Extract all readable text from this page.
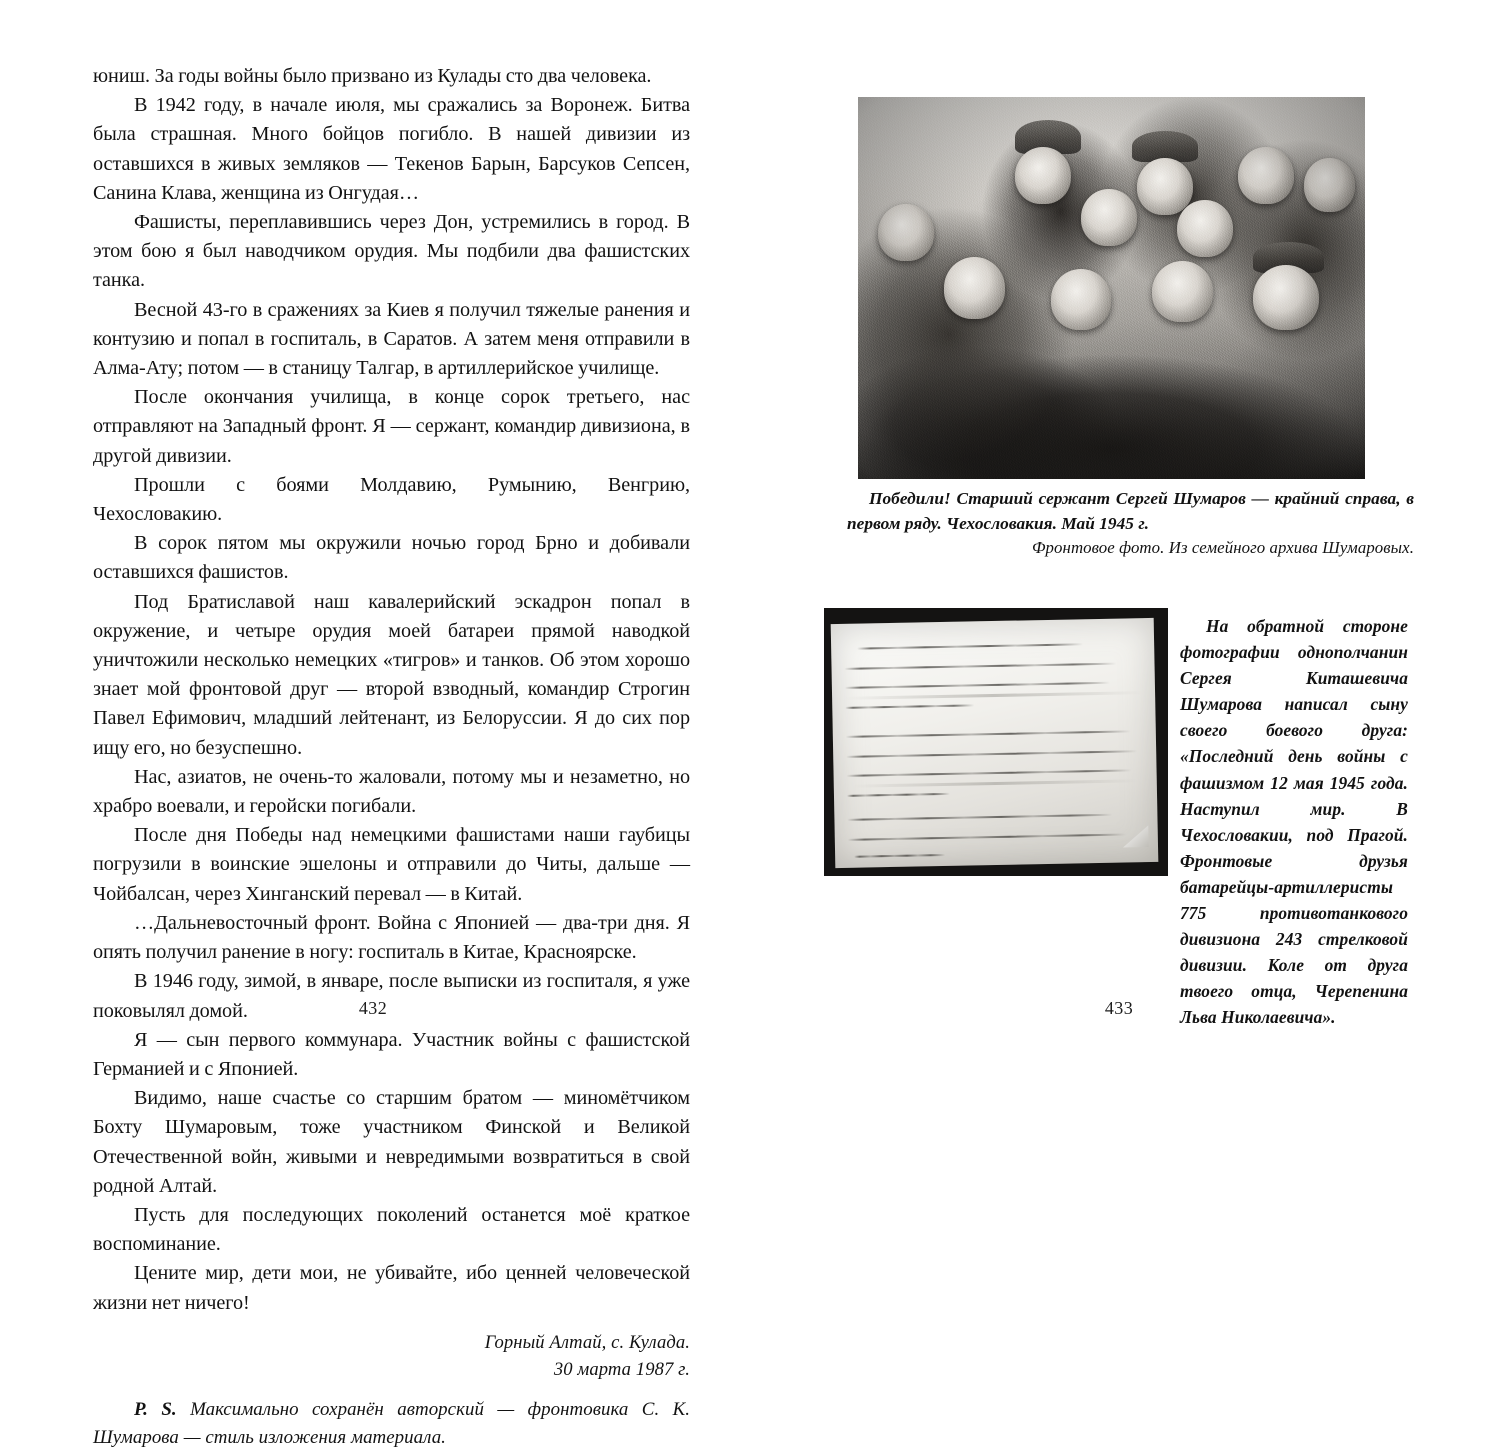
юниш. За годы войны было призвано из Кулады сто два человека.

В 1942 году, в начале июля, мы сражались за Воронеж. Битва была страшная. Много бойцов погибло. В нашей дивизии из оставшихся в живых земляков — Текенов Барын, Барсуков Сепсен, Санина Клава, женщина из Онгудая…

Фашисты, переплавившись через Дон, устремились в город. В этом бою я был наводчиком орудия. Мы подбили два фашистских танка.

Весной 43-го в сражениях за Киев я получил тяжелые ранения и контузию и попал в госпиталь, в Саратов. А затем меня отправили в Алма-Ату; потом — в станицу Талгар, в артиллерийское училище.

После окончания училища, в конце сорок третьего, нас отправляют на Западный фронт. Я — сержант, командир дивизиона, в другой дивизии.

Прошли с боями Молдавию, Румынию, Венгрию, Чехословакию.

В сорок пятом мы окружили ночью город Брно и добивали оставшихся фашистов.

Под Братиславой наш кавалерийский эскадрон попал в окружение, и четыре орудия моей батареи прямой наводкой уничтожили несколько немецких «тигров» и танков. Об этом хорошо знает мой фронтовой друг — второй взводный, командир Строгин Павел Ефимович, младший лейтенант, из Белоруссии. Я до сих пор ищу его, но безуспешно.

Нас, азиатов, не очень-то жаловали, потому мы и незаметно, но храбро воевали, и геройски погибали.

После дня Победы над немецкими фашистами наши гаубицы погрузили в воинские эшелоны и отправили до Читы, дальше — Чойбалсан, через Хинганский перевал — в Китай.

…Дальневосточный фронт. Война с Японией — два-три дня. Я опять получил ранение в ногу: госпиталь в Китае, Красноярске.

В 1946 году, зимой, в январе, после выписки из госпиталя, я уже поковылял домой.

Я — сын первого коммунара. Участник войны с фашистской Германией и с Японией.

Видимо, наше счастье со старшим братом — миномётчиком Бохту Шумаровым, тоже участником Финской и Великой Отечественной войн, живыми и невредимыми возвратиться в свой родной Алтай.

Пусть для последующих поколений останется моё краткое воспоминание.

Цените мир, дети мои, не убивайте, ибо ценней человеческой жизни нет ничего!

Горный Алтай, с. Кулада.
30 марта 1987 г.

P. S. Максимально сохранён авторский — фронтовика С. К. Шумарова — стиль изложения материала.

432

Победили! Старший сержант Сергей Шумаров — крайний справа, в первом ряду. Чехословакия. Май 1945 г.

Фронтовое фото. Из семейного архива Шумаровых.

На обратной стороне фотографии однополчанин Сергея Киташевича Шумарова написал сыну своего боевого друга: «Последний день войны с фашизмом 12 мая 1945 года. Наступил мир. В Чехословакии, под Прагой. Фронтовые друзья батарейцы-артиллеристы 775 противотанкового дивизиона 243 стрелковой дивизии. Коле от друга твоего отца, Черепенина Льва Николаевича».

433
